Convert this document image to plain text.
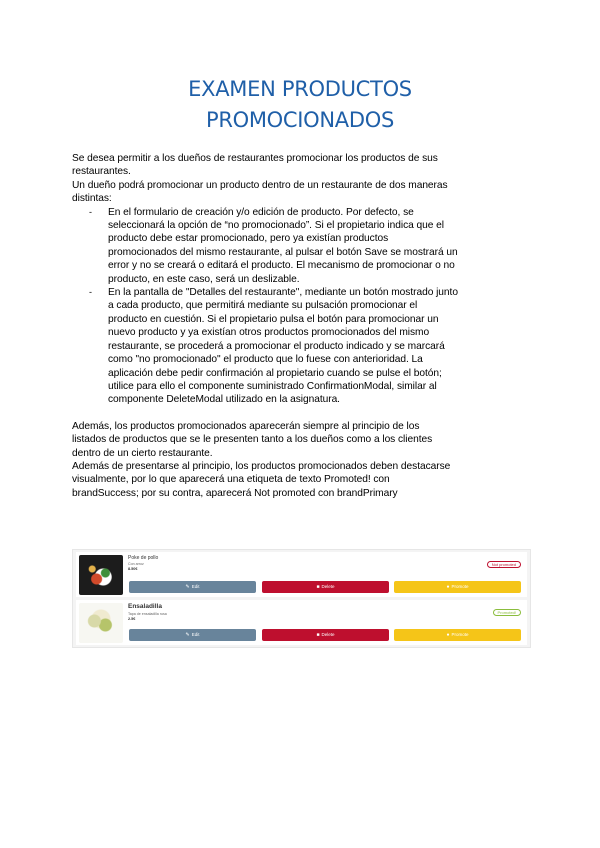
EXAMEN PRODUCTOS
PROMOCIONADOS

Se desea permitir a los dueños de restaurantes promocionar los productos de sus
restaurantes.
Un dueño podrá promocionar un producto dentro de un restaurante de dos maneras
distintas:

- En el formulario de creación y/o edición de producto. Por defecto, se
seleccionará la opción de “no promocionado”. Si el propietario indica que el
producto debe estar promocionado, pero ya existían productos
promocionados del mismo restaurante, al pulsar el botón Save se mostrará un
error y no se creará o editará el producto. El mecanismo de promocionar o no
producto, en este caso, será un deslizable.
- En la pantalla de "Detalles del restaurante", mediante un botón mostrado junto
a cada producto, que permitirá mediante su pulsación promocionar el
producto en cuestión. Si el propietario pulsa el botón para promocionar un
nuevo producto y ya existían otros productos promocionados del mismo
restaurante, se procederá a promocionar el producto indicado y se marcará
como "no promocionado" el producto que lo fuese con anterioridad. La
aplicación debe pedir confirmación al propietario cuando se pulse el botón;
utilice para ello el componente suministrado ConfirmationModal, similar al
componente DeleteModal utilizado en la asignatura.

Además, los productos promocionados aparecerán siempre al principio de los
listados de productos que se le presenten tanto a los dueños como a los clientes
dentro de un cierto restaurante.
Además de presentarse al principio, los productos promocionados deben destacarse
visualmente, por lo que aparecerá una etiqueta de texto Promoted! con
brandSuccess; por su contra, aparecerá Not promoted con brandPrimary

Poke de pollo
Con arroz
8.50€
Not promoted
✎ Edit	■ Delete	● Promote
Ensaladilla
Tapa de ensaladilla rusa
2.5€
Promoted!
✎ Edit	■ Delete	● Promote
